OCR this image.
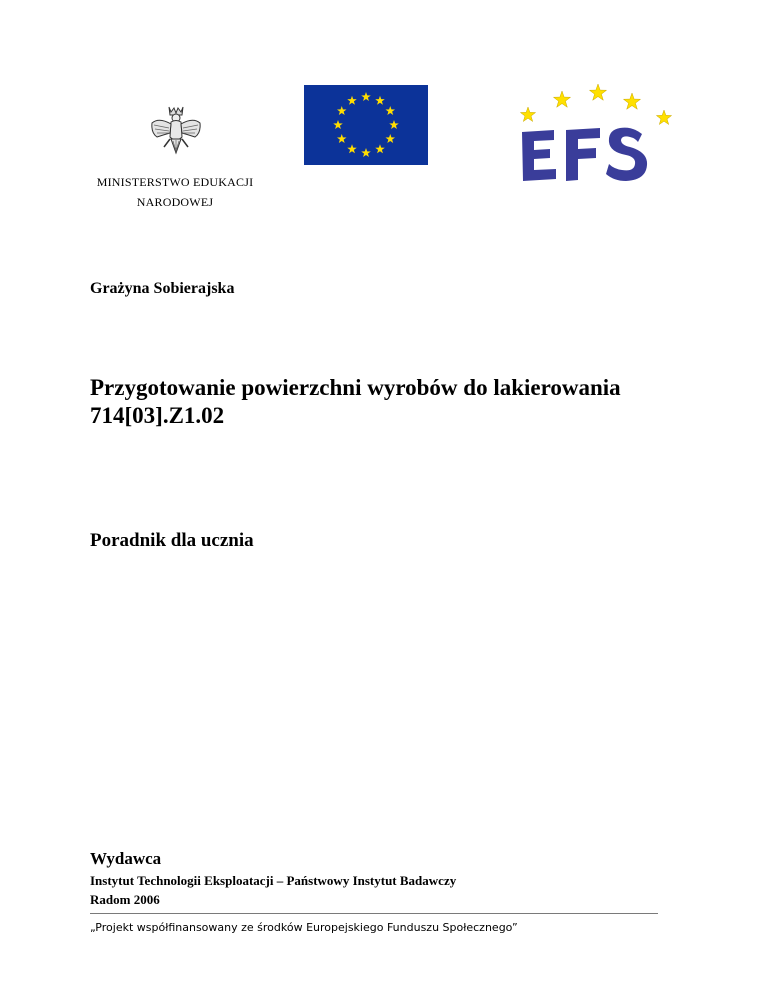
MINISTERSTWO EDUKACJI
NARODOWEJ
Grażyna Sobierajska
Przygotowanie powierzchni wyrobów do lakierowania
714[03].Z1.02
Poradnik dla ucznia
Wydawca
Instytut Technologii Eksploatacji – Państwowy Instytut Badawczy
Radom 2006
„Projekt współfinansowany ze środków Europejskiego Funduszu Społecznego”
